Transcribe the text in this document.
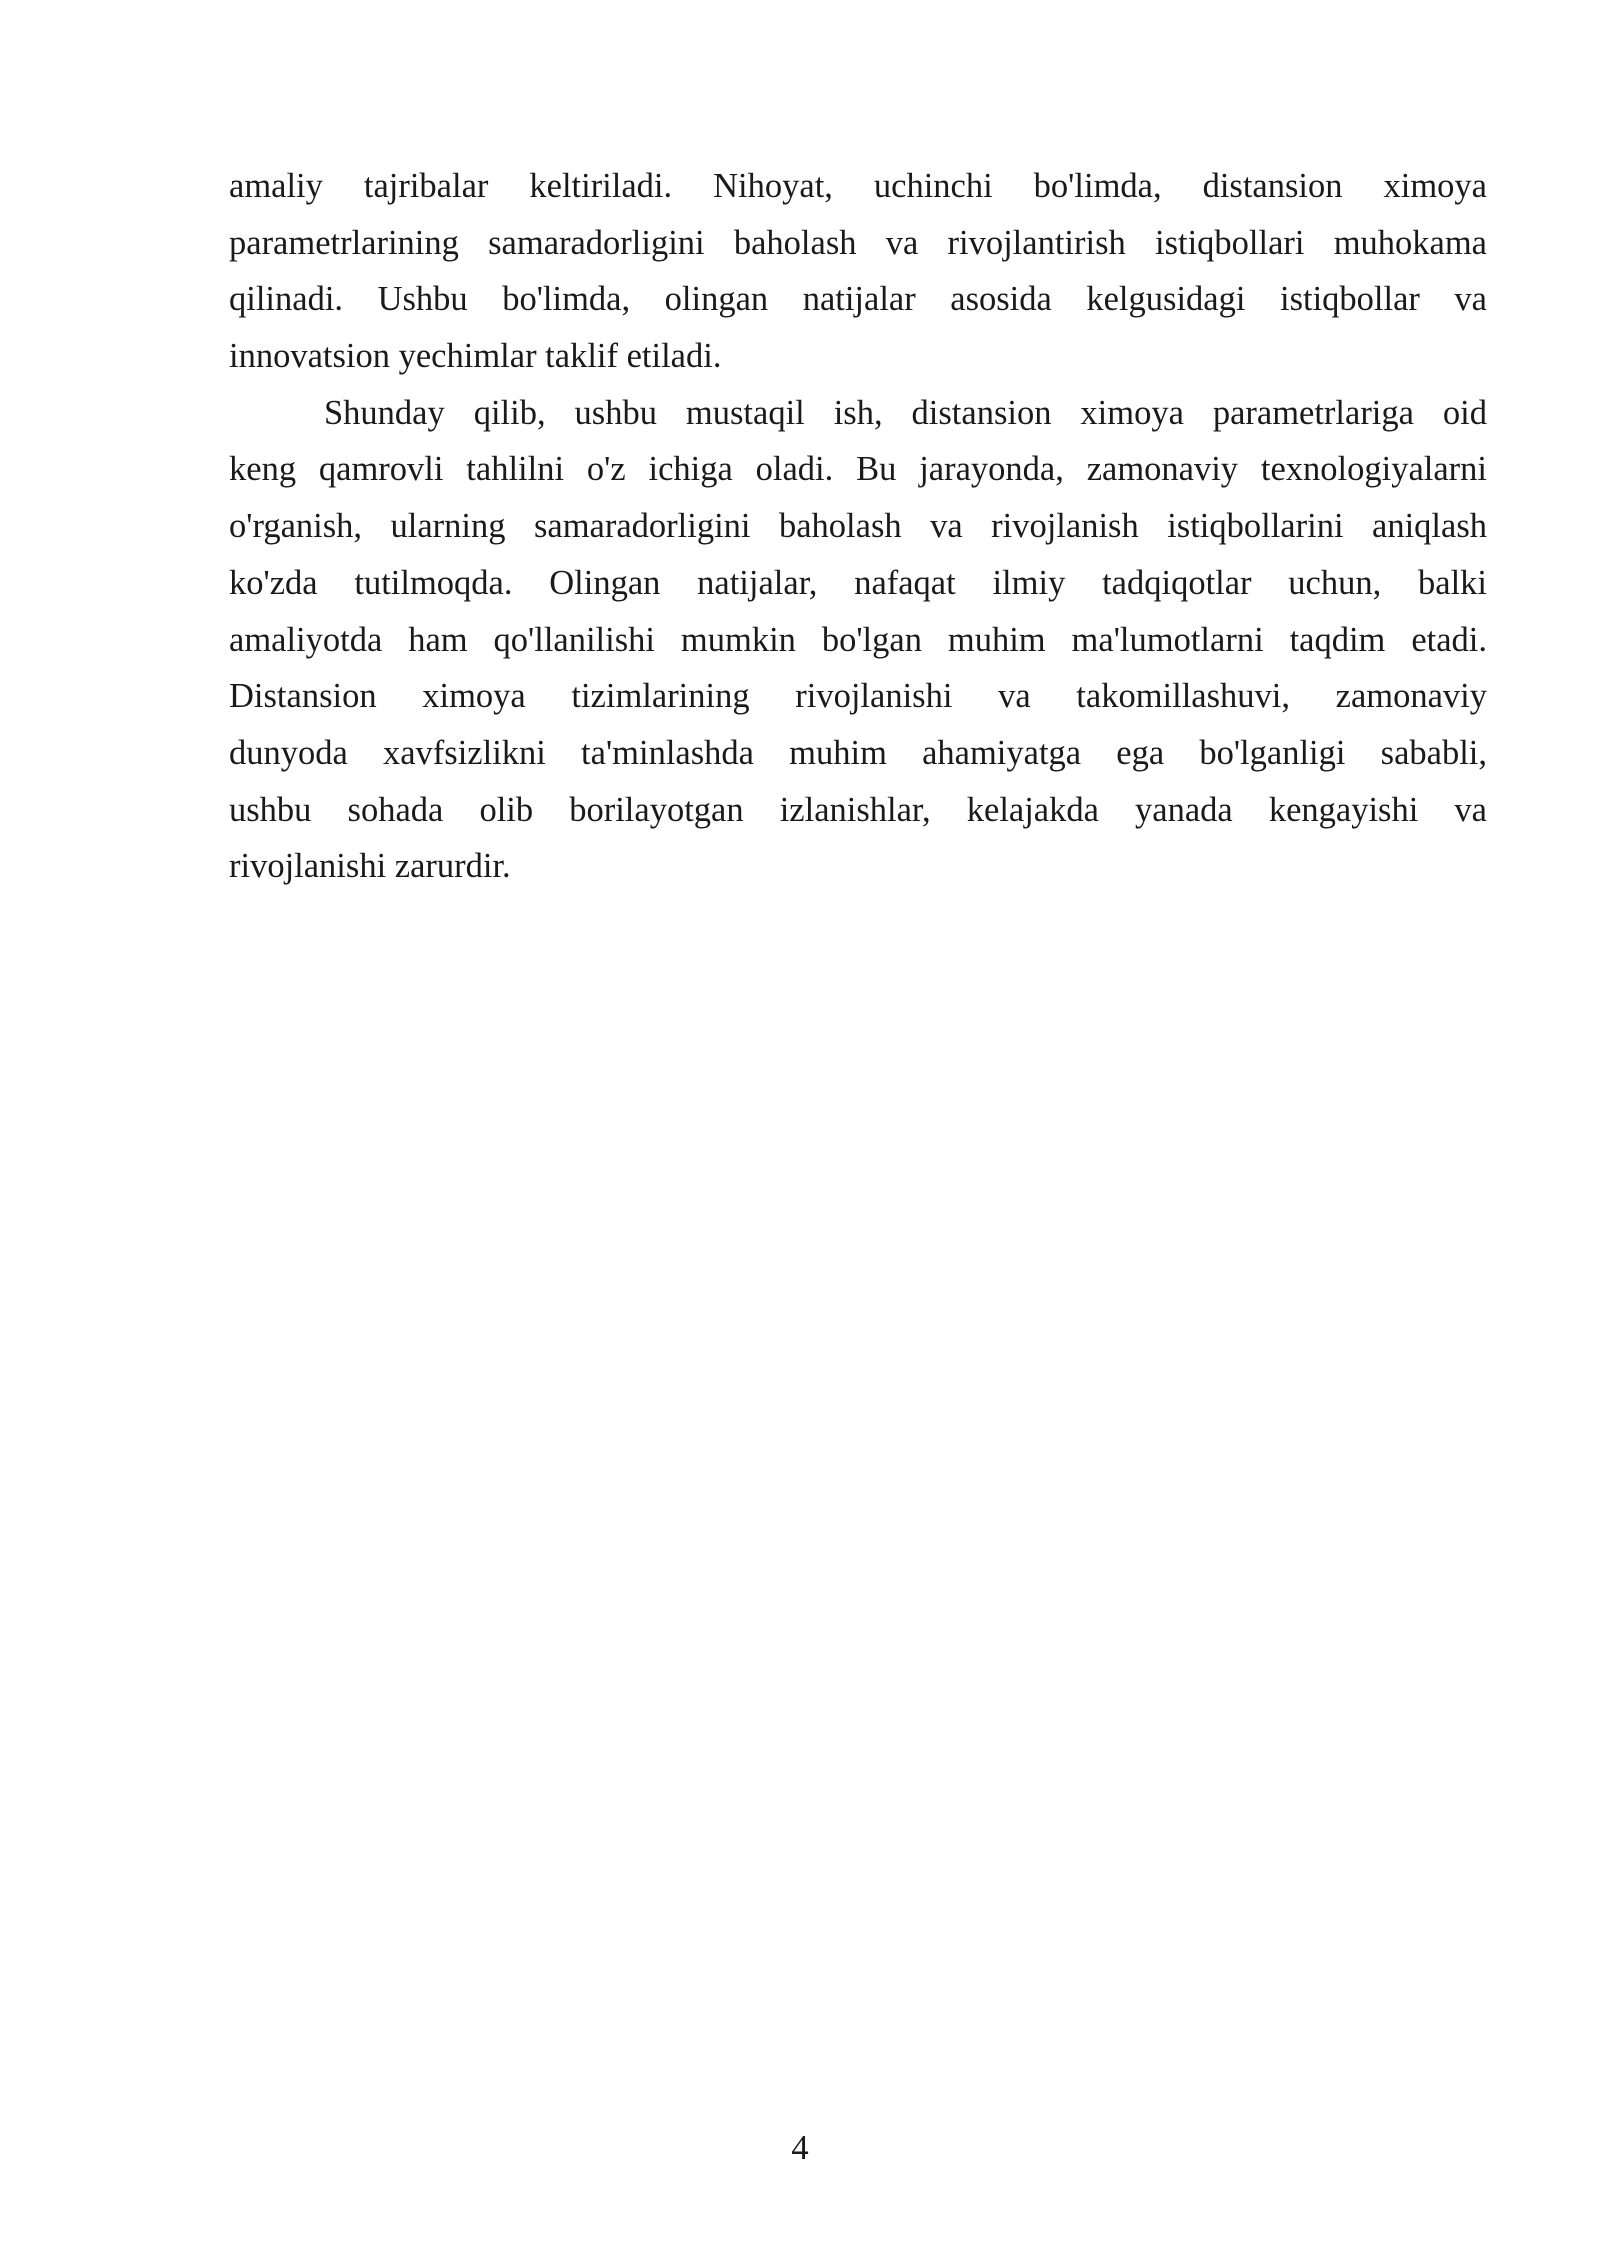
amaliy tajribalar keltiriladi. Nihoyat, uchinchi bo'limda, distansion ximoya
parametrlarining samaradorligini baholash va rivojlantirish istiqbollari muhokama
qilinadi. Ushbu bo'limda, olingan natijalar asosida kelgusidagi istiqbollar va
innovatsion yechimlar taklif etiladi.

Shunday qilib, ushbu mustaqil ish, distansion ximoya parametrlariga oid
keng qamrovli tahlilni o'z ichiga oladi. Bu jarayonda, zamonaviy texnologiyalarni
o'rganish, ularning samaradorligini baholash va rivojlanish istiqbollarini aniqlash
ko'zda tutilmoqda. Olingan natijalar, nafaqat ilmiy tadqiqotlar uchun, balki
amaliyotda ham qo'llanilishi mumkin bo'lgan muhim ma'lumotlarni taqdim etadi.
Distansion ximoya tizimlarining rivojlanishi va takomillashuvi, zamonaviy
dunyoda xavfsizlikni ta'minlashda muhim ahamiyatga ega bo'lganligi sababli,
ushbu sohada olib borilayotgan izlanishlar, kelajakda yanada kengayishi va
rivojlanishi zarurdir.

4
